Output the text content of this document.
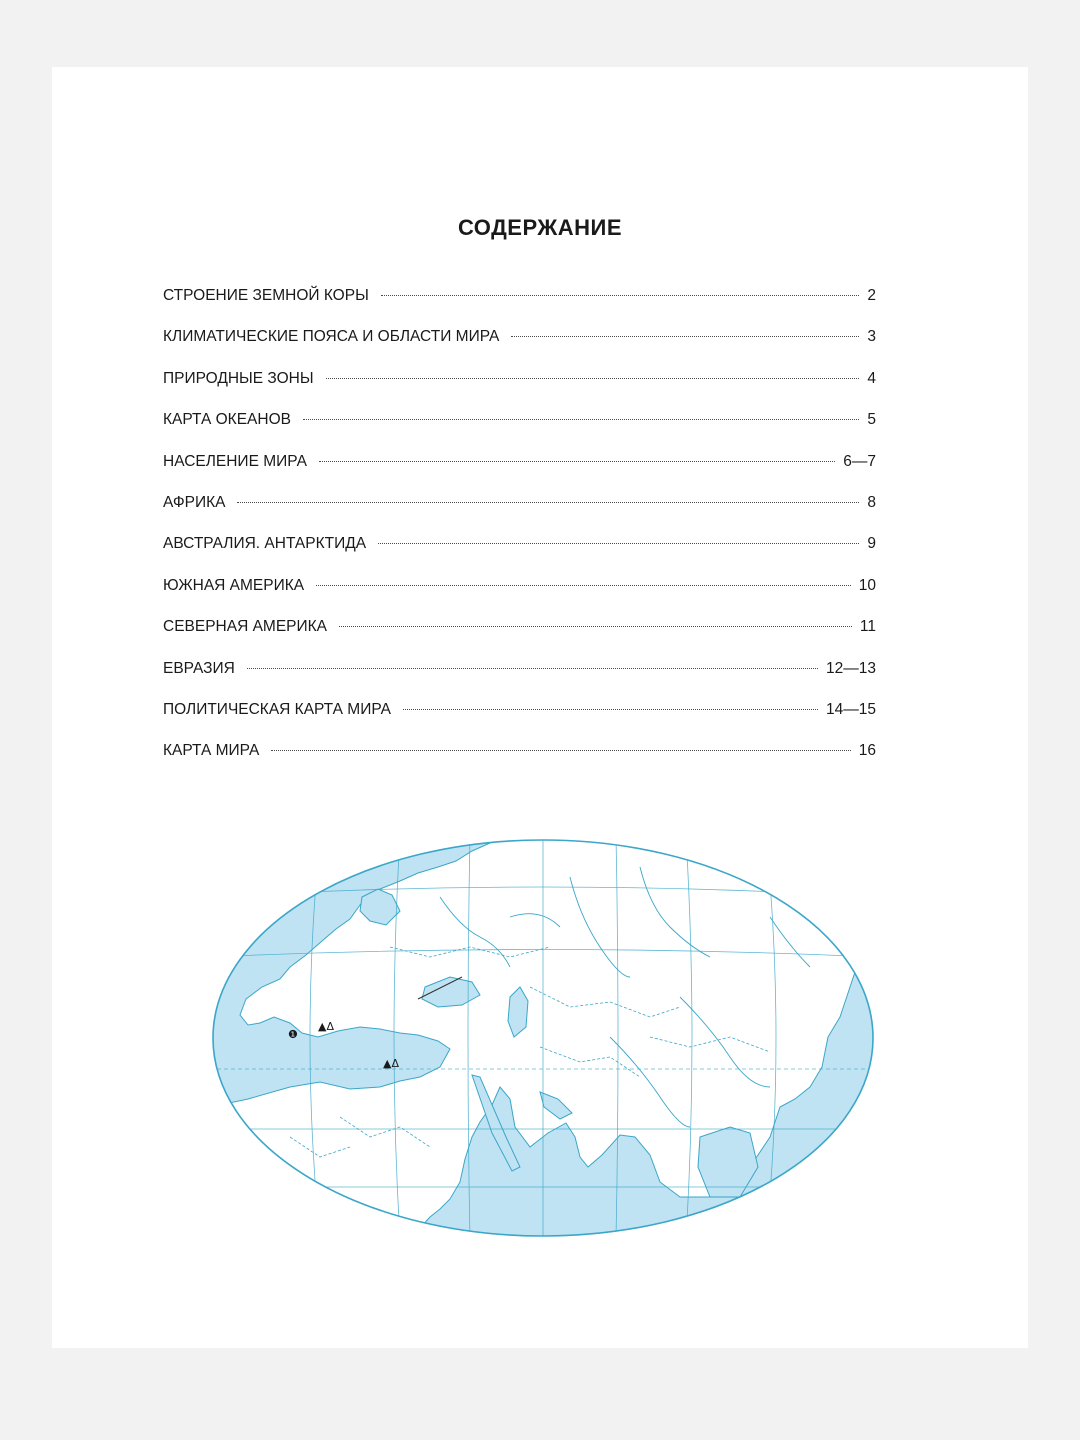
СОДЕРЖАНИЕ
СТРОЕНИЕ ЗЕМНОЙ КОРЫ	2
КЛИМАТИЧЕСКИЕ ПОЯСА И ОБЛАСТИ МИРА	3
ПРИРОДНЫЕ ЗОНЫ	4
КАРТА ОКЕАНОВ	5
НАСЕЛЕНИЕ МИРА	6—7
АФРИКА	8
АВСТРАЛИЯ. АНТАРКТИДА	9
ЮЖНАЯ АМЕРИКА	10
СЕВЕРНАЯ АМЕРИКА	11
ЕВРАЗИЯ	12—13
ПОЛИТИЧЕСКАЯ КАРТА МИРА	14—15
КАРТА МИРА	16
❶
▲Δ
▲Δ
